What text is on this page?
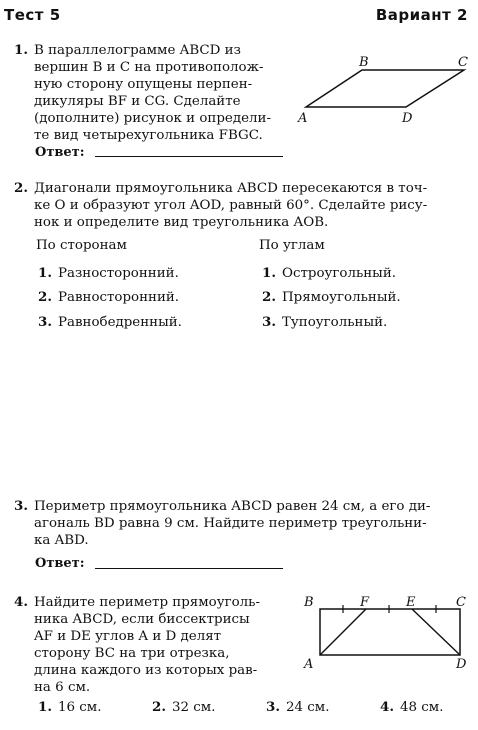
Тест 5	Вариант 2
1. В параллелограмме ABCD из
вершин B и C на противополож-
ную сторону опущены перпен-
дикуляры BF и CG. Сделайте
(дополните) рисунок и определи-
те вид четырехугольника FBGC.
Ответ:
B	C
A	D
2. Диагонали прямоугольника ABCD пересекаются в точ-
ке O и образуют угол AOD, равный 60°. Сделайте рису-
нок и определите вид треугольника AOB.
По сторонам	По углам
1. Разносторонний.
2. Равносторонний.
3. Равнобедренный.
1. Остроугольный.
2. Прямоугольный.
3. Тупоугольный.
3. Периметр прямоугольника ABCD равен 24 см, а его ди-
агональ BD равна 9 см. Найдите периметр треугольни-
ка ABD.
Ответ:
4. Найдите периметр прямоуголь-
ника ABCD, если биссектрисы
AF и DE углов A и D делят
сторону BC на три отрезка,
длина каждого из которых рав-
на 6 см.
B	F	E	C
A	D
1. 16 см.	2. 32 см.	3. 24 см.	4. 48 см.
